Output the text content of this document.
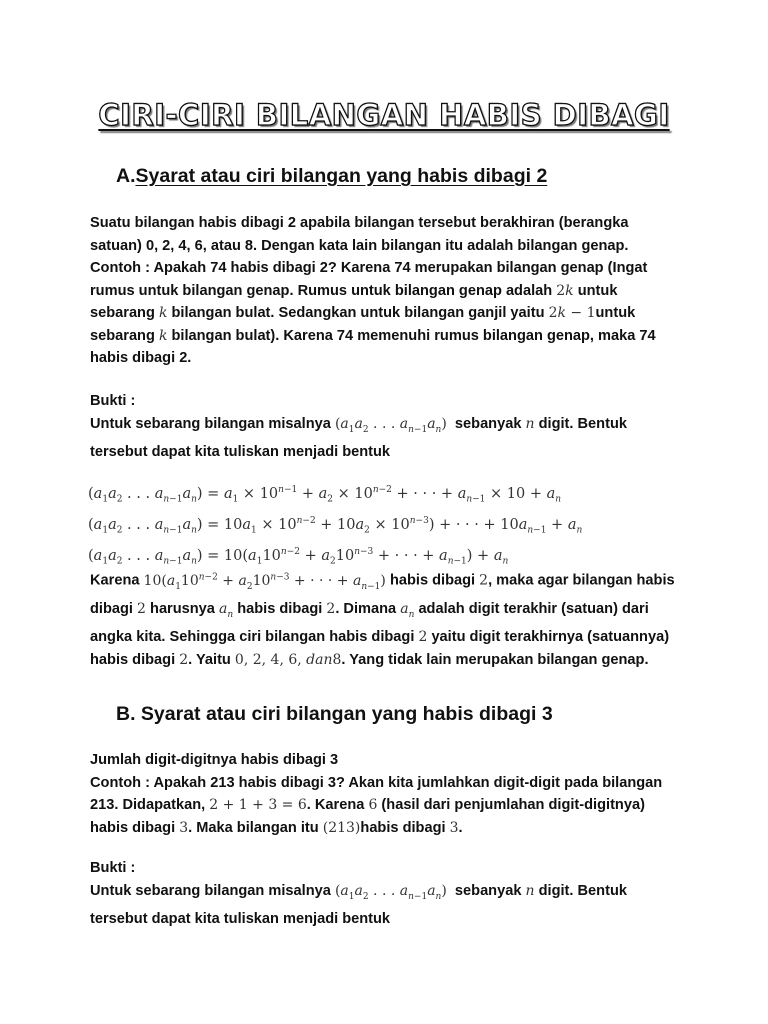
CIRI-CIRI BILANGAN HABIS DIBAGI
A.Syarat atau ciri bilangan yang habis dibagi 2

Suatu bilangan habis dibagi 2 apabila bilangan tersebut berakhiran (berangka

satuan) 0, 2, 4, 6, atau 8. Dengan kata lain bilangan itu adalah bilangan genap.

Contoh : Apakah 74 habis dibagi 2? Karena 74 merupakan bilangan genap (Ingat

rumus untuk bilangan genap. Rumus untuk bilangan genap adalah 2k untuk

sebarang k bilangan bulat. Sedangkan untuk bilangan ganjil yaitu 2k − 1untuk

sebarang k bilangan bulat). Karena 74 memenuhi rumus bilangan genap, maka 74

habis dibagi 2.

Bukti :

Untuk sebarang bilangan misalnya ($a_1a_2$ . . . $a_{n-1}a_n$) sebanyak n digit. Bentuk

tersebut dapat kita tuliskan menjadi bentuk

($a_1a_2$ . . . $a_{n-1}a_n) = a_1 \times 10^{n-1} + a_2 \times 10^{n-2}$ + · · · + $a_{n-1} \times 10 + a_n$

($a_1a_2$ . . . $a_{n-1}a_n) = 10a_1 \times 10^{n-2} + 10a_2 \times 10^{n-3}$) + · · · + $10a_{n-1} + a_n$

($a_1a_2$ . . . $a_{n-1}a_n) = 10(a_110^{n-2} + a_210^{n-3}$ + · · · + $a_{n-1}) + a_n$

Karena $10(a_110^{n-2} + a_210^{n-3}$ + · · · + $a_{n-1}$) habis dibagi 2, maka agar bilangan habis

dibagi 2 harusnya $a_n$ habis dibagi 2. Dimana $a_n$ adalah digit terakhir (satuan) dari

angka kita. Sehingga ciri bilangan habis dibagi 2 yaitu digit terakhirnya (satuannya)

habis dibagi 2. Yaitu 0, 2, 4, 6, dan8. Yang tidak lain merupakan bilangan genap.

B. Syarat atau ciri bilangan yang habis dibagi 3

Jumlah digit-digitnya habis dibagi 3

Contoh : Apakah 213 habis dibagi 3? Akan kita jumlahkan digit-digit pada bilangan

213. Didapatkan, 2 + 1 + 3 = 6. Karena 6 (hasil dari penjumlahan digit-digitnya)

habis dibagi 3. Maka bilangan itu (213)habis dibagi 3.

Bukti :

Untuk sebarang bilangan misalnya ($a_1a_2$ . . . $a_{n-1}a_n$) sebanyak n digit. Bentuk

tersebut dapat kita tuliskan menjadi bentuk
